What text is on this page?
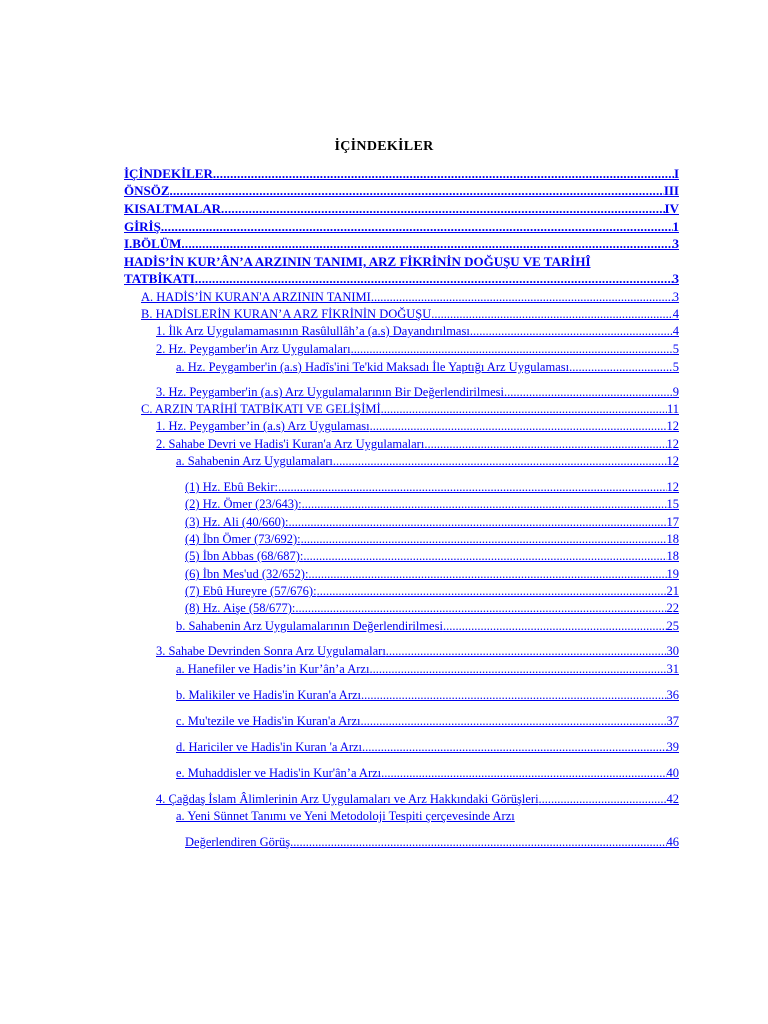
İÇİNDEKİLER
İÇİNDEKİLER .....	I
ÖNSÖZ .....	III
KISALTMALAR .....	IV
GİRİŞ .....	1
I.BÖLÜM .....	3
HADİS’İN KUR’ÂN’A ARZININ TANIMI, ARZ FİKRİNİN DOĞUŞU VE TARİHÎ
TATBİKATI .....	3
A. HADİS’İN KURAN'A ARZININ TANIMI .....	3
B. HADİSLERİN KURAN’A ARZ FİKRİNİN DOĞUŞU .....	4
1. İlk Arz Uygulamamasının Rasûlullâh’a (a.s) Dayandırılması .....	4
2. Hz. Peygamber'in Arz Uygulamaları .....	5
a. Hz. Peygamber'in (a.s) Hadîs'ini Te'kid Maksadı İle Yaptığı Arz Uygulaması .....	5
3. Hz. Peygamber'in (a.s) Arz Uygulamalarının Bir Değerlendirilmesi .....	9
C. ARZIN TARİHİ TATBİKATI VE GELİŞİMİ .....	11
1. Hz. Peygamber’in (a.s) Arz Uygulaması .....	12
2. Sahabe Devri ve Hadis'i Kuran'a Arz Uygulamaları .....	12
a. Sahabenin Arz Uygulamaları .....	12
(1) Hz. Ebû Bekir: .....	12
(2) Hz. Ömer (23/643): .....	15
(3) Hz. Ali (40/660): .....	17
(4) İbn Ömer (73/692): .....	18
(5) İbn Abbas (68/687): .....	18
(6) İbn Mes'ud (32/652): .....	19
(7) Ebû Hureyre (57/676): .....	21
(8) Hz. Aişe (58/677): .....	22
b. Sahabenin Arz Uygulamalarının Değerlendirilmesi .....	25
3. Sahabe Devrinden Sonra Arz Uygulamaları .....	30
a. Hanefiler ve Hadis’in Kur’ân’a Arzı .....	31
b. Malikiler ve Hadis'in Kuran'a Arzı .....	36
c. Mu'tezile ve Hadis'in Kuran'a Arzı .....	37
d. Hariciler ve Hadis'in Kuran 'a Arzı .....	39
e. Muhaddisler ve Hadis'in Kur'ân’a Arzı .....	40
4. Çağdaş İslam Âlimlerinin Arz Uygulamaları ve Arz Hakkındaki Görüşleri .....	42
a. Yeni Sünnet Tanımı ve Yeni Metodoloji Tespiti çerçevesinde Arzı
Değerlendiren Görüş .....	46
